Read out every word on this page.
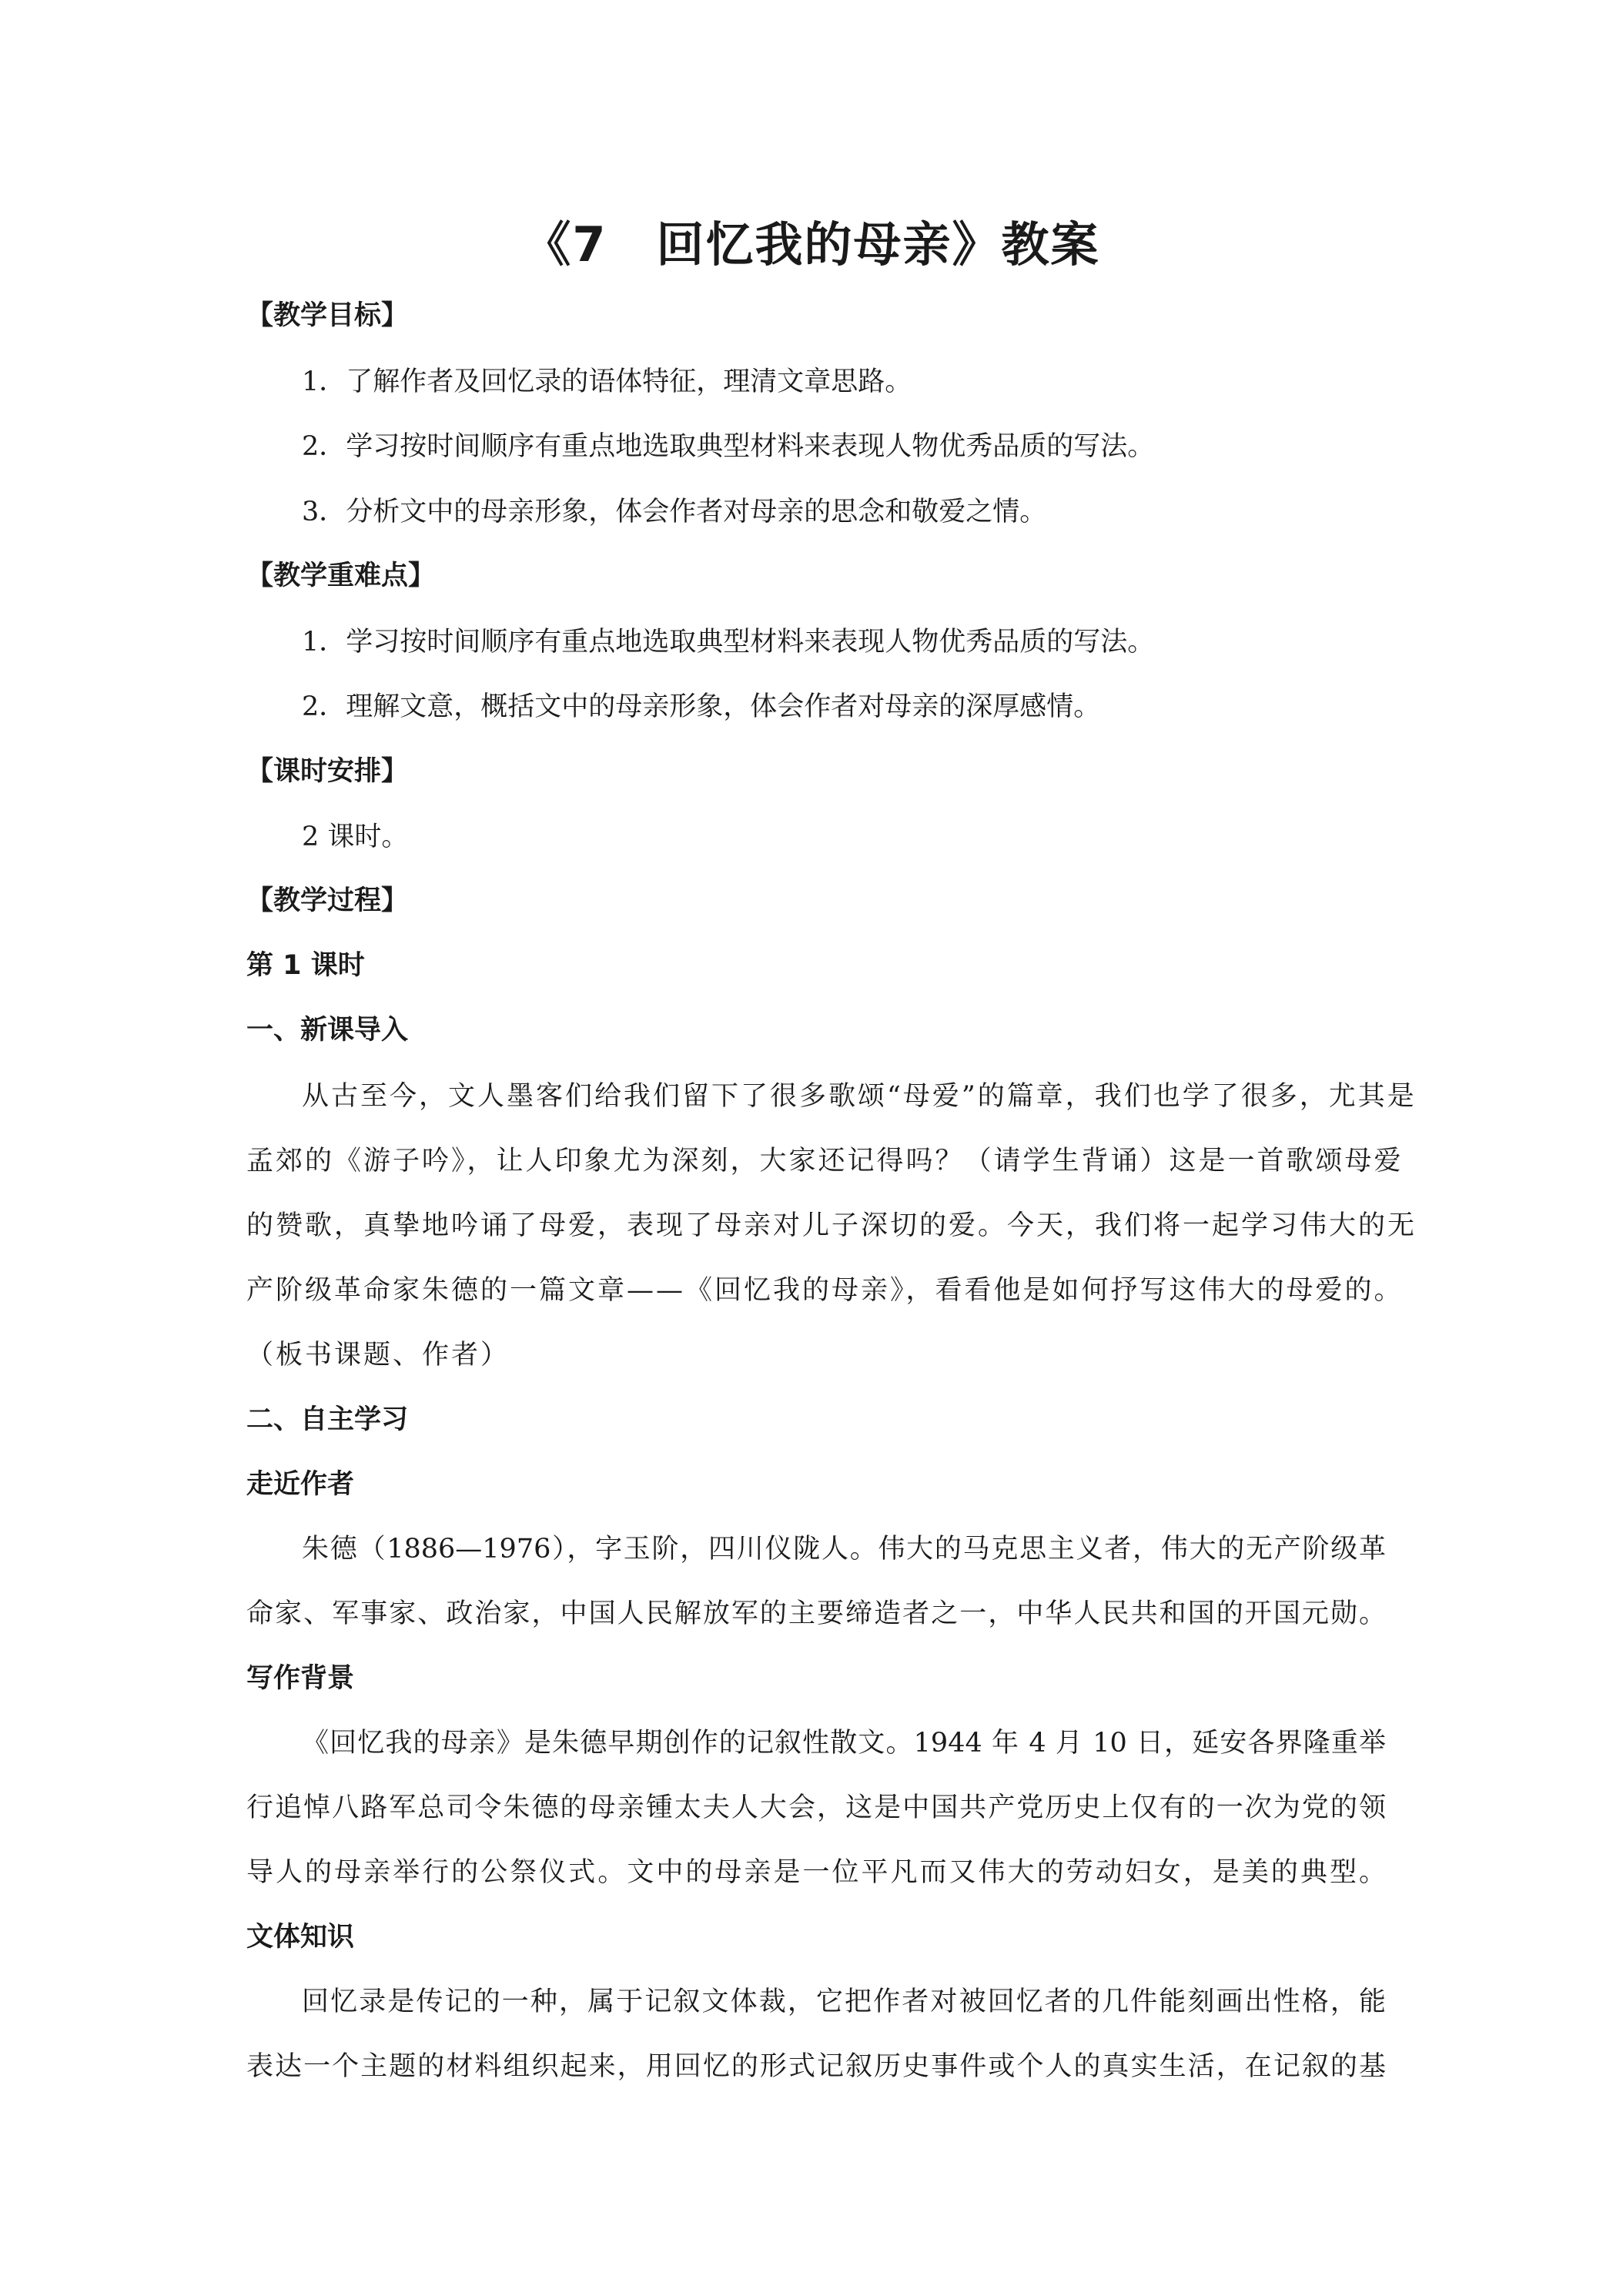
《7　回忆我的母亲》教案
【教学目标】
1．了解作者及回忆录的语体特征，理清文章思路。
2．学习按时间顺序有重点地选取典型材料来表现人物优秀品质的写法。
3．分析文中的母亲形象，体会作者对母亲的思念和敬爱之情。
【教学重难点】
1．学习按时间顺序有重点地选取典型材料来表现人物优秀品质的写法。
2．理解文意，概括文中的母亲形象，体会作者对母亲的深厚感情。
【课时安排】
2 课时。
【教学过程】
第 1 课时
一、新课导入
从古至今，文人墨客们给我们留下了很多歌颂“母爱”的篇章，我们也学了很多，尤其是
孟郊的《游子吟》，让人印象尤为深刻，大家还记得吗？（请学生背诵）这是一首歌颂母爱
的赞歌，真挚地吟诵了母爱，表现了母亲对儿子深切的爱。今天，我们将一起学习伟大的无
产阶级革命家朱德的一篇文章——《回忆我的母亲》，看看他是如何抒写这伟大的母爱的。
（板书课题、作者）
二、自主学习
走近作者
朱德（1886—1976），字玉阶，四川仪陇人。伟大的马克思主义者，伟大的无产阶级革
命家、军事家、政治家，中国人民解放军的主要缔造者之一，中华人民共和国的开国元勋。
写作背景
《回忆我的母亲》是朱德早期创作的记叙性散文。1944 年 4 月 10 日，延安各界隆重举
行追悼八路军总司令朱德的母亲锺太夫人大会，这是中国共产党历史上仅有的一次为党的领
导人的母亲举行的公祭仪式。文中的母亲是一位平凡而又伟大的劳动妇女，是美的典型。
文体知识
回忆录是传记的一种，属于记叙文体裁，它把作者对被回忆者的几件能刻画出性格，能
表达一个主题的材料组织起来，用回忆的形式记叙历史事件或个人的真实生活，在记叙的基
